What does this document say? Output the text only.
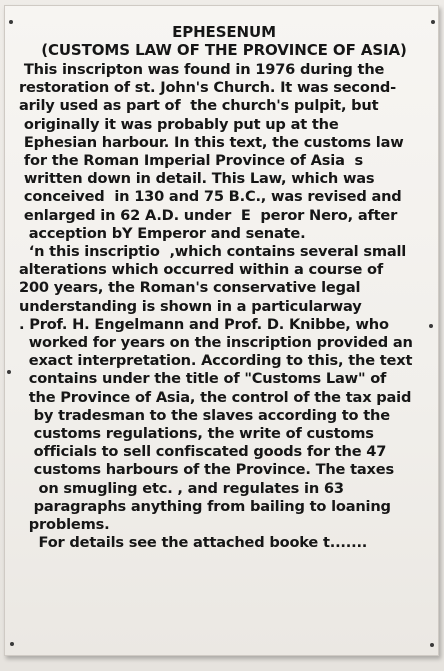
EPHESENUM
(CUSTOMS LAW OF THE PROVINCE OF ASIA)
This inscripton was found in 1976 during the
restoration of st. John's Church. It was second-
arily used as part of  the church's pulpit, but
originally it was probably put up at the
Ephesian harbour. In this text, the customs law
for the Roman Imperial Province of Asia  s
written down in detail. This Law, which was
conceived  in 130 and 75 B.C., was revised and
enlarged in 62 A.D. under  E  peror Nero, after
acception bY Emperor and senate.
‘n this inscriptio  ,which contains several small
alterations which occurred within a course of
200 years, the Roman's conservative legal
understanding is shown in a particularway
. Prof. H. Engelmann and Prof. D. Knibbe, who
worked for years on the inscription provided an
exact interpretation. According to this, the text
contains under the title of "Customs Law" of
the Province of Asia, the control of the tax paid
by tradesman to the slaves according to the
customs regulations, the write of customs
officials to sell confiscated goods for the 47
customs harbours of the Province. The taxes
on smugling etc. , and regulates in 63
paragraphs anything from bailing to loaning
problems.
For details see the attached booke t.......
